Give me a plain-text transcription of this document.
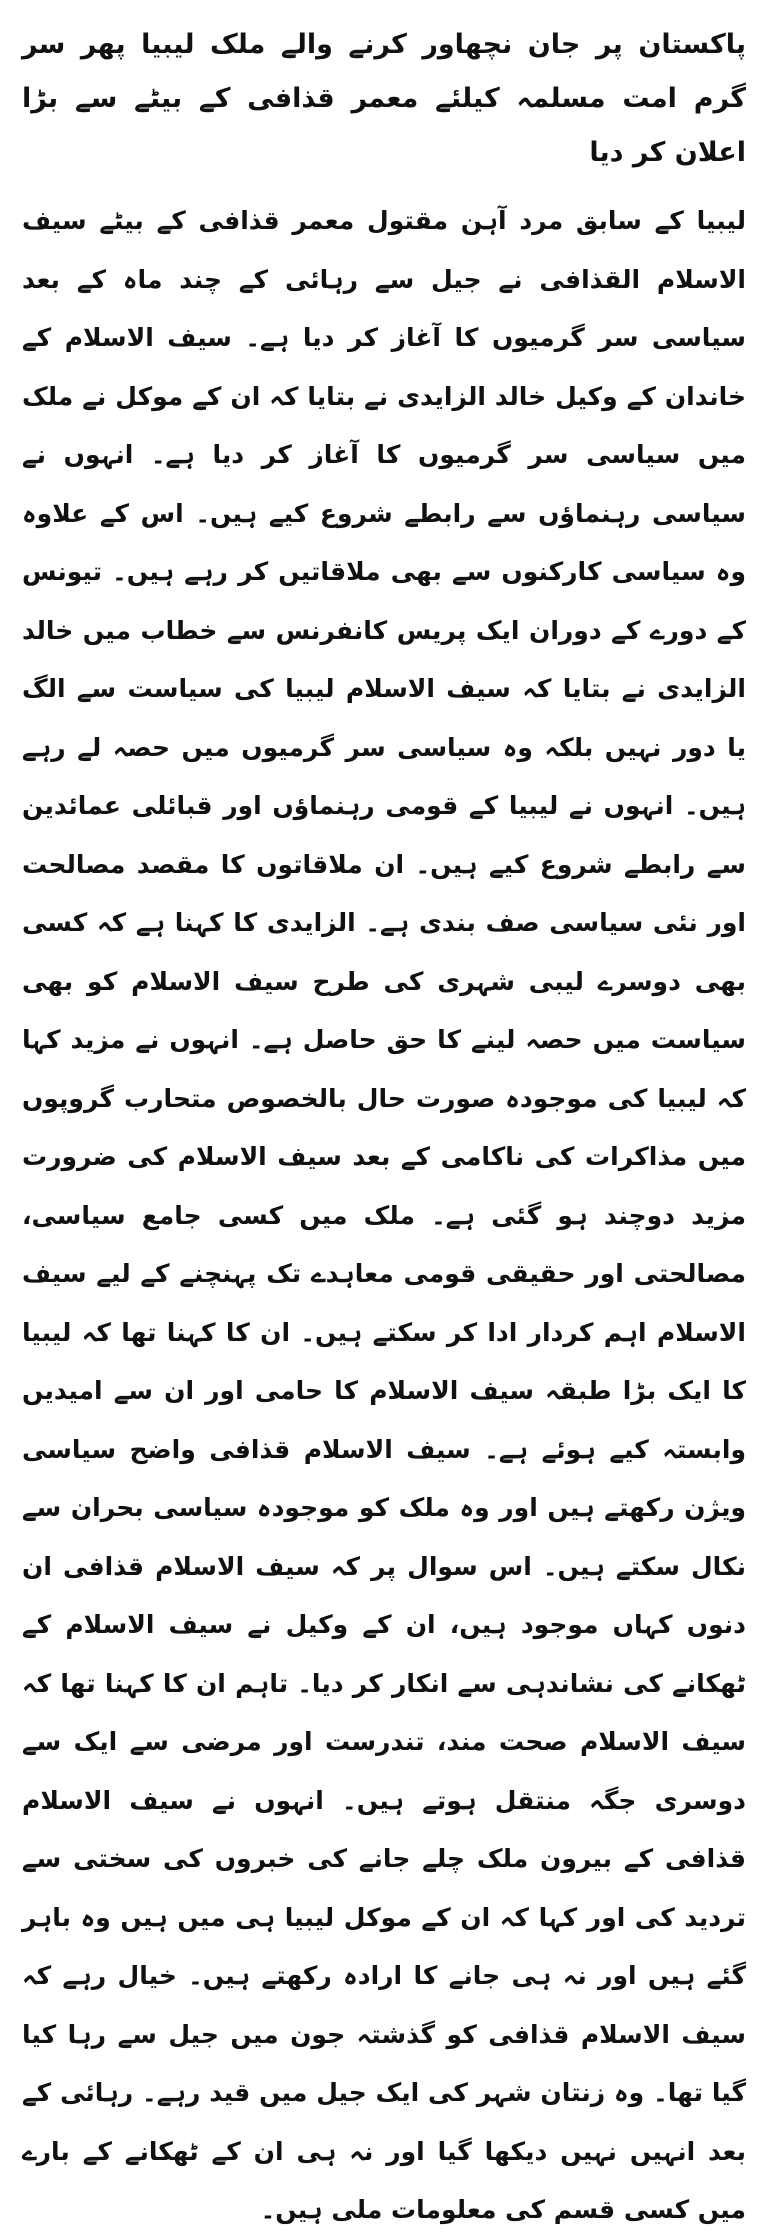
پاکستان پر جان نچھاور کرنے والے ملک لیبیا پھر سر گرم امت مسلمہ کیلئے معمر قذافی کے بیٹے سے بڑا اعلان کر دیا

لیبیا کے سابق مرد آہن مقتول معمر قذافی کے بیٹے سیف الاسلام القذافی نے جیل سے رہائی کے چند ماہ کے بعد سیاسی سر گرمیوں کا آغاز کر دیا ہے۔ سیف الاسلام کے خاندان کے وکیل خالد الزایدی نے بتایا کہ ان کے موکل نے ملک میں سیاسی سر گرمیوں کا آغاز کر دیا ہے۔ انہوں نے سیاسی رہنماؤں سے رابطے شروع کیے ہیں۔ اس کے علاوہ وہ سیاسی کارکنوں سے بھی ملاقاتیں کر رہے ہیں۔ تیونس کے دورے کے دوران ایک پریس کانفرنس سے خطاب میں خالد الزایدی نے بتایا کہ سیف الاسلام لیبیا کی سیاست سے الگ یا دور نہیں بلکہ وہ سیاسی سر گرمیوں میں حصہ لے رہے ہیں۔ انہوں نے لیبیا کے قومی رہنماؤں اور قبائلی عمائدین سے رابطے شروع کیے ہیں۔ ان ملاقاتوں کا مقصد مصالحت اور نئی سیاسی صف بندی ہے۔ الزایدی کا کہنا ہے کہ کسی بھی دوسرے لیبی شہری کی طرح سیف الاسلام کو بھی سیاست میں حصہ لینے کا حق حاصل ہے۔ انہوں نے مزید کہا کہ لیبیا کی موجودہ صورت حال بالخصوص متحارب گروپوں میں مذاکرات کی ناکامی کے بعد سیف الاسلام کی ضرورت مزید دوچند ہو گئی ہے۔ ملک میں کسی جامع سیاسی، مصالحتی اور حقیقی قومی معاہدے تک پہنچنے کے لیے سیف الاسلام اہم کردار ادا کر سکتے ہیں۔ ان کا کہنا تھا کہ لیبیا کا ایک بڑا طبقہ سیف الاسلام کا حامی اور ان سے امیدیں وابستہ کیے ہوئے ہے۔ سیف الاسلام قذافی واضح سیاسی ویژن رکھتے ہیں اور وہ ملک کو موجودہ سیاسی بحران سے نکال سکتے ہیں۔ اس سوال پر کہ سیف الاسلام قذافی ان دنوں کہاں موجود ہیں، ان کے وکیل نے سیف الاسلام کے ٹھکانے کی نشاندہی سے انکار کر دیا۔ تاہم ان کا کہنا تھا کہ سیف الاسلام صحت مند، تندرست اور مرضی سے ایک سے دوسری جگہ منتقل ہوتے ہیں۔ انہوں نے سیف الاسلام قذافی کے بیرون ملک چلے جانے کی خبروں کی سختی سے تردید کی اور کہا کہ ان کے موکل لیبیا ہی میں ہیں وہ باہر گئے ہیں اور نہ ہی جانے کا ارادہ رکھتے ہیں۔ خیال رہے کہ سیف الاسلام قذافی کو گذشتہ جون میں جیل سے رہا کیا گیا تھا۔ وہ زنتان شہر کی ایک جیل میں قید رہے۔ رہائی کے بعد انہیں نہیں دیکھا گیا اور نہ ہی ان کے ٹھکانے کے بارے میں کسی قسم کی معلومات ملی ہیں۔
